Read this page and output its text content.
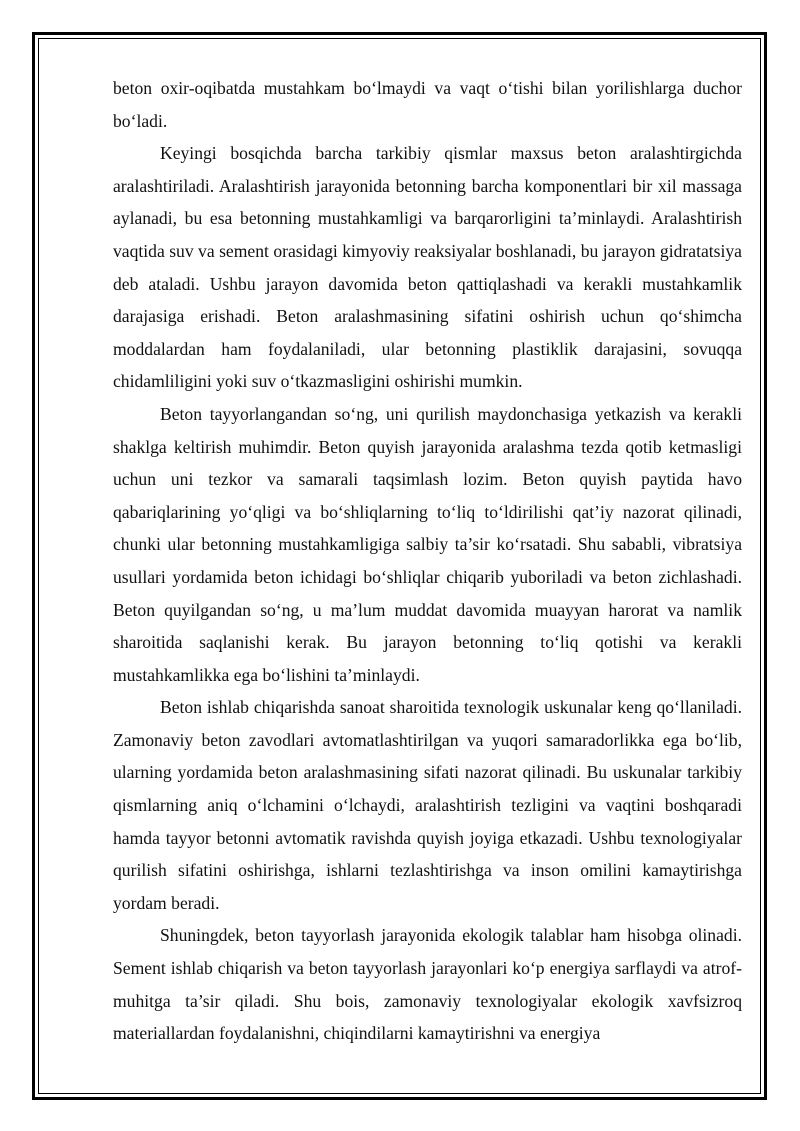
beton oxir-oqibatda mustahkam bo‘lmaydi va vaqt o‘tishi bilan yorilishlarga duchor bo‘ladi.

Keyingi bosqichda barcha tarkibiy qismlar maxsus beton aralashtirgichda aralashtiriladi. Aralashtirish jarayonida betonning barcha komponentlari bir xil massaga aylanadi, bu esa betonning mustahkamligi va barqarorligini ta’minlaydi. Aralashtirish vaqtida suv va sement orasidagi kimyoviy reaksiyalar boshlanadi, bu jarayon gidratatsiya deb ataladi. Ushbu jarayon davomida beton qattiqlashadi va kerakli mustahkamlik darajasiga erishadi. Beton aralashmasining sifatini oshirish uchun qo‘shimcha moddalardan ham foydalaniladi, ular betonning plastiklik darajasini, sovuqqa chidamliligini yoki suv o‘tkazmasligini oshirishi mumkin.

Beton tayyorlangandan so‘ng, uni qurilish maydonchasiga yetkazish va kerakli shaklga keltirish muhimdir. Beton quyish jarayonida aralashma tezda qotib ketmasligi uchun uni tezkor va samarali taqsimlash lozim. Beton quyish paytida havo qabariqlarining yo‘qligi va bo‘shliqlarning to‘liq to‘ldirilishi qat’iy nazorat qilinadi, chunki ular betonning mustahkamligiga salbiy ta’sir ko‘rsatadi. Shu sababli, vibratsiya usullari yordamida beton ichidagi bo‘shliqlar chiqarib yuboriladi va beton zichlashadi. Beton quyilgandan so‘ng, u ma’lum muddat davomida muayyan harorat va namlik sharoitida saqlanishi kerak. Bu jarayon betonning to‘liq qotishi va kerakli mustahkamlikka ega bo‘lishini ta’minlaydi.

Beton ishlab chiqarishda sanoat sharoitida texnologik uskunalar keng qo‘llaniladi. Zamonaviy beton zavodlari avtomatlashtirilgan va yuqori samaradorlikka ega bo‘lib, ularning yordamida beton aralashmasining sifati nazorat qilinadi. Bu uskunalar tarkibiy qismlarning aniq o‘lchamini o‘lchaydi, aralashtirish tezligini va vaqtini boshqaradi hamda tayyor betonni avtomatik ravishda quyish joyiga etkazadi. Ushbu texnologiyalar qurilish sifatini oshirishga, ishlarni tezlashtirishga va inson omilini kamaytirishga yordam beradi.

Shuningdek, beton tayyorlash jarayonida ekologik talablar ham hisobga olinadi. Sement ishlab chiqarish va beton tayyorlash jarayonlari ko‘p energiya sarflaydi va atrof-muhitga ta’sir qiladi. Shu bois, zamonaviy texnologiyalar ekologik xavfsizroq materiallardan foydalanishni, chiqindilarni kamaytirishni va energiya
